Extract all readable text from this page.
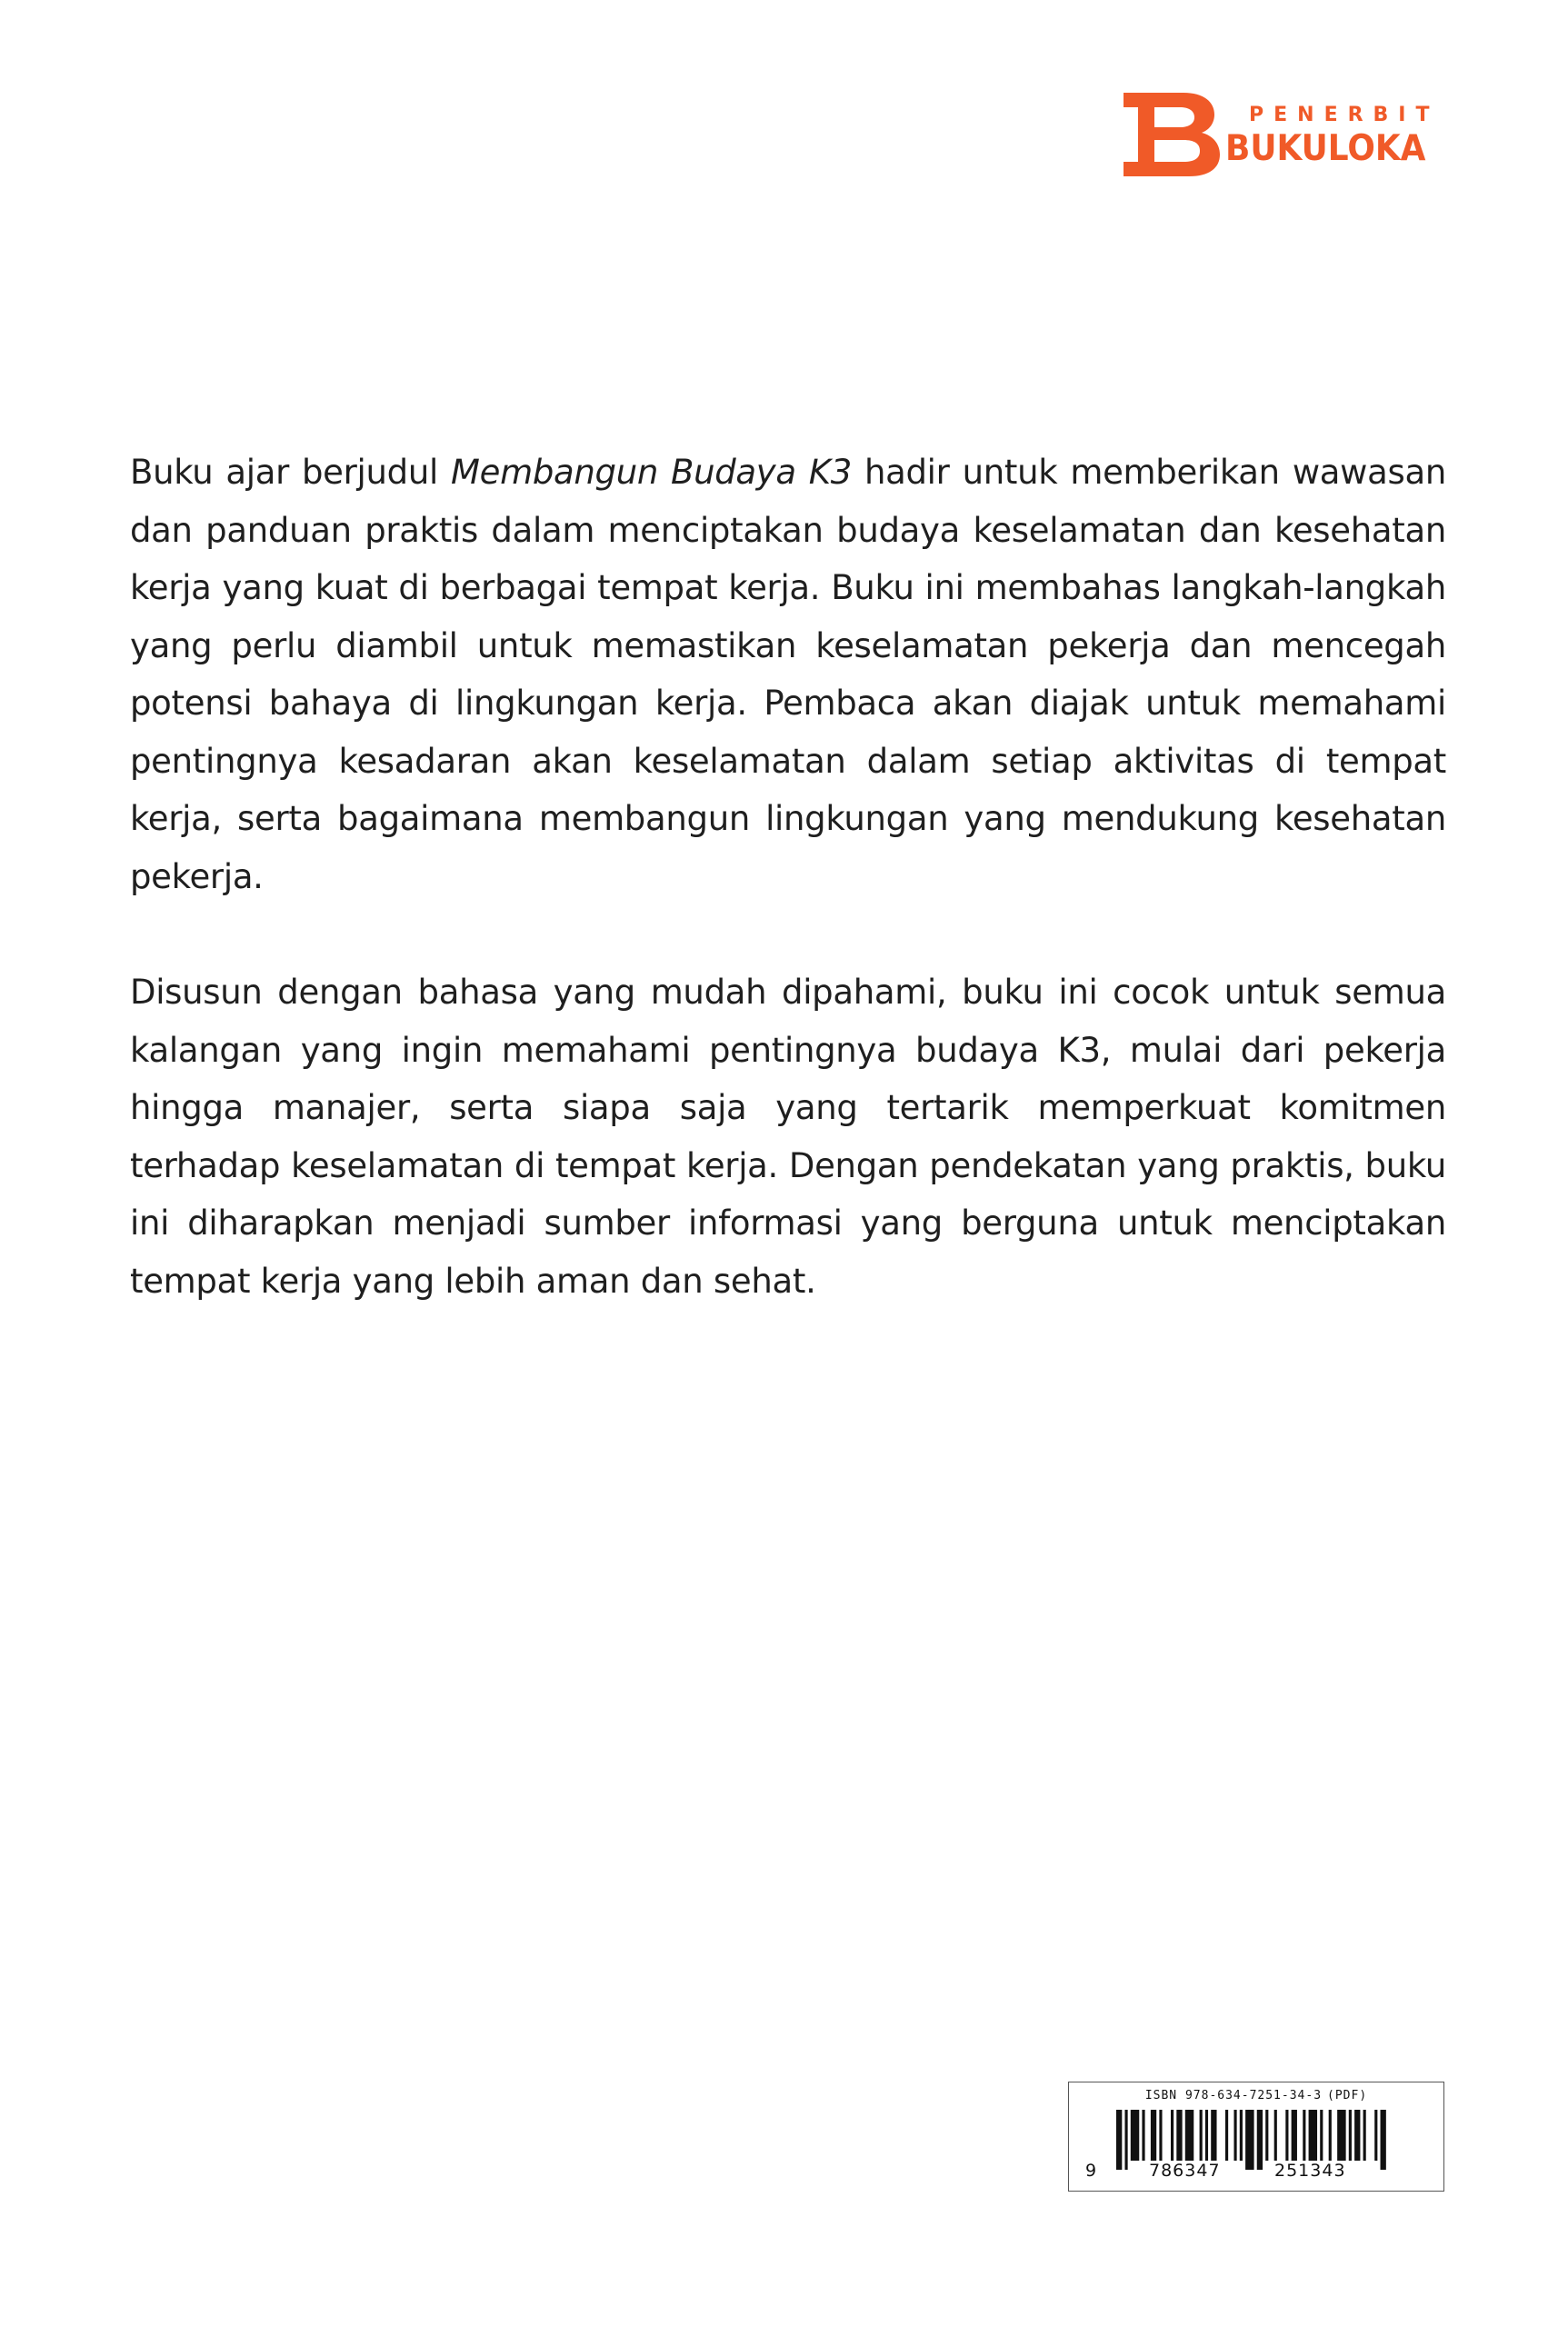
PENERBIT
BUKULOKA

Buku ajar berjudul Membangun Budaya K3 hadir untuk memberikan wawasan dan panduan praktis dalam menciptakan budaya keselamatan dan kesehatan kerja yang kuat di berbagai tempat kerja. Buku ini membahas langkah-langkah yang perlu diambil untuk memastikan keselamatan pekerja dan mencegah potensi bahaya di lingkungan kerja. Pembaca akan diajak untuk memahami pentingnya kesadaran akan keselamatan dalam setiap aktivitas di tempat kerja, serta bagaimana membangun lingkungan yang mendukung kesehatan pekerja.

Disusun dengan bahasa yang mudah dipahami, buku ini cocok untuk semua kalangan yang ingin memahami pentingnya budaya K3, mulai dari pekerja hingga manajer, serta siapa saja yang tertarik memperkuat komitmen terhadap keselamatan di tempat kerja. Dengan pendekatan yang praktis, buku ini diharapkan menjadi sumber informasi yang berguna untuk menciptakan tempat kerja yang lebih aman dan sehat.

ISBN 978-634-7251-34-3 (PDF)
9	786347	251343
